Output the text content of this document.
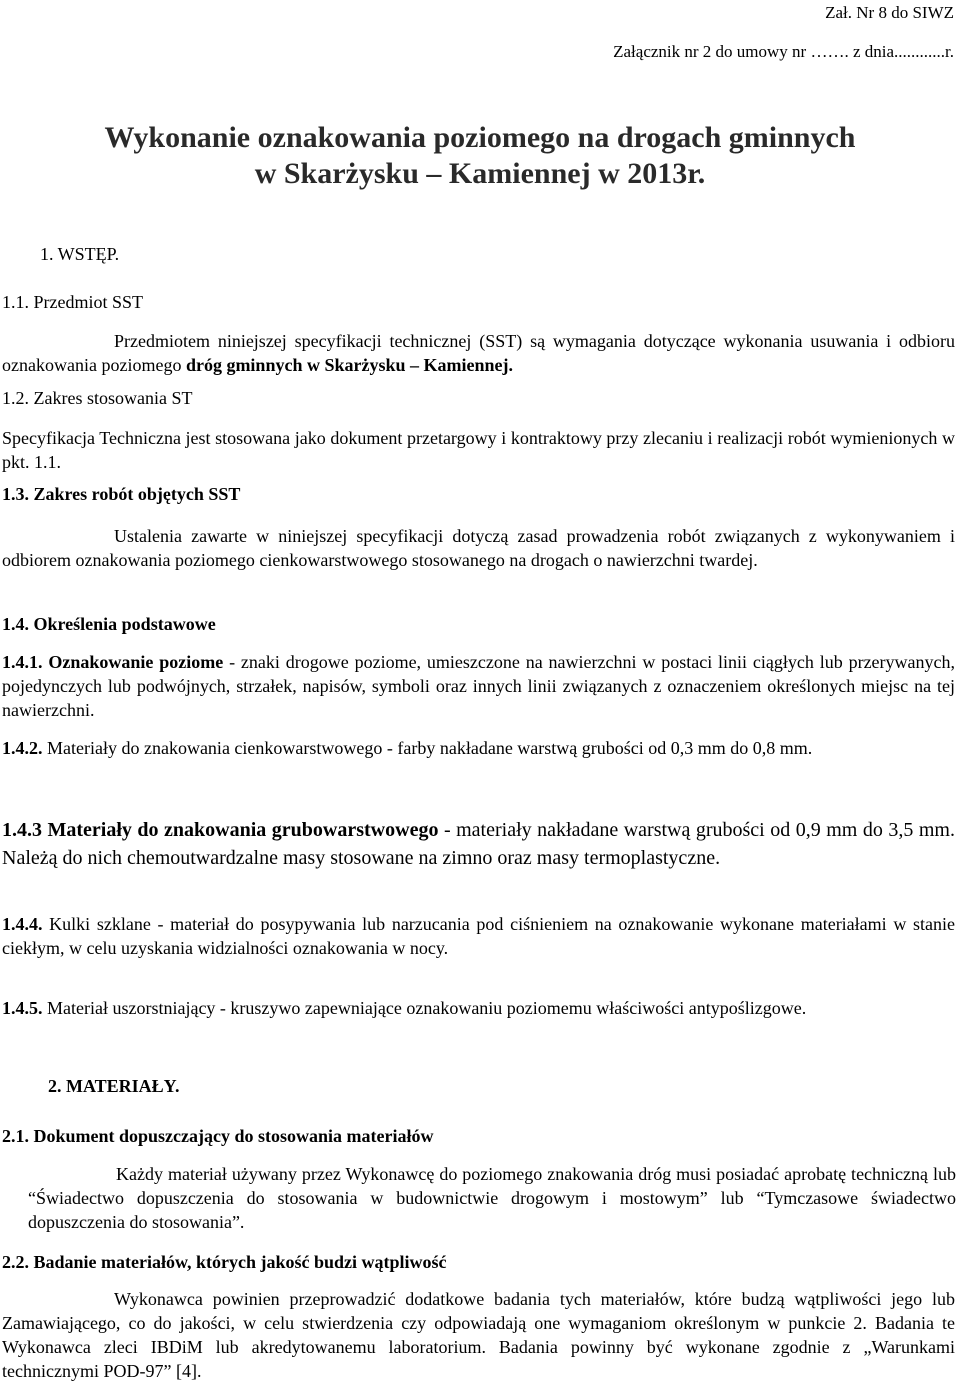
Zał. Nr 8 do SIWZ
Załącznik nr 2 do umowy nr ……. z dnia............r.
Wykonanie oznakowania poziomego na drogach gminnych
w Skarżysku – Kamiennej w 2013r.
1. WSTĘP.
1.1. Przedmiot SST

Przedmiotem niniejszej specyfikacji technicznej (SST) są wymagania dotyczące wykonania usuwania i odbioru oznakowania poziomego dróg gminnych w Skarżysku – Kamiennej.

1.2. Zakres stosowania ST

Specyfikacja Techniczna jest stosowana jako dokument przetargowy i kontraktowy przy zlecaniu i realizacji robót wymienionych w pkt. 1.1.

1.3. Zakres robót objętych SST

Ustalenia zawarte w niniejszej specyfikacji dotyczą zasad prowadzenia robót związanych z wykonywaniem i odbiorem oznakowania poziomego cienkowarstwowego stosowanego na drogach o nawierzchni twardej.

1.4. Określenia podstawowe

1.4.1. Oznakowanie poziome - znaki drogowe poziome, umieszczone na nawierzchni w postaci linii ciągłych lub przerywanych, pojedynczych lub podwójnych, strzałek, napisów, symboli oraz innych linii związanych z oznaczeniem określonych miejsc na tej nawierzchni.

1.4.2. Materiały do znakowania cienkowarstwowego - farby nakładane warstwą grubości od 0,3 mm do 0,8 mm.

1.4.3 Materiały do znakowania grubowarstwowego - materiały nakładane warstwą grubości od 0,9 mm do 3,5 mm. Należą do nich chemoutwardzalne masy stosowane na zimno oraz masy termoplastyczne.

1.4.4. Kulki szklane - materiał do posypywania lub narzucania pod ciśnieniem na oznakowanie wykonane materiałami w stanie ciekłym, w celu uzyskania widzialności oznakowania w nocy.

1.4.5. Materiał uszorstniający - kruszywo zapewniające oznakowaniu poziomemu właściwości antypoślizgowe.

2. MATERIAŁY.
2.1. Dokument dopuszczający do stosowania materiałów

Każdy materiał używany przez Wykonawcę do poziomego znakowania dróg musi posiadać aprobatę techniczną lub “Świadectwo dopuszczenia do stosowania w budownictwie drogowym i mostowym” lub “Tymczasowe świadectwo dopuszczenia do stosowania”.

2.2. Badanie materiałów, których jakość budzi wątpliwość

Wykonawca powinien przeprowadzić dodatkowe badania tych materiałów, które budzą wątpliwości jego lub Zamawiającego, co do jakości, w celu stwierdzenia czy odpowiadają one wymaganiom określonym w punkcie 2. Badania te Wykonawca zleci IBDiM lub akredytowanemu laboratorium. Badania powinny być wykonane zgodnie z „Warunkami technicznymi POD-97” [4].
